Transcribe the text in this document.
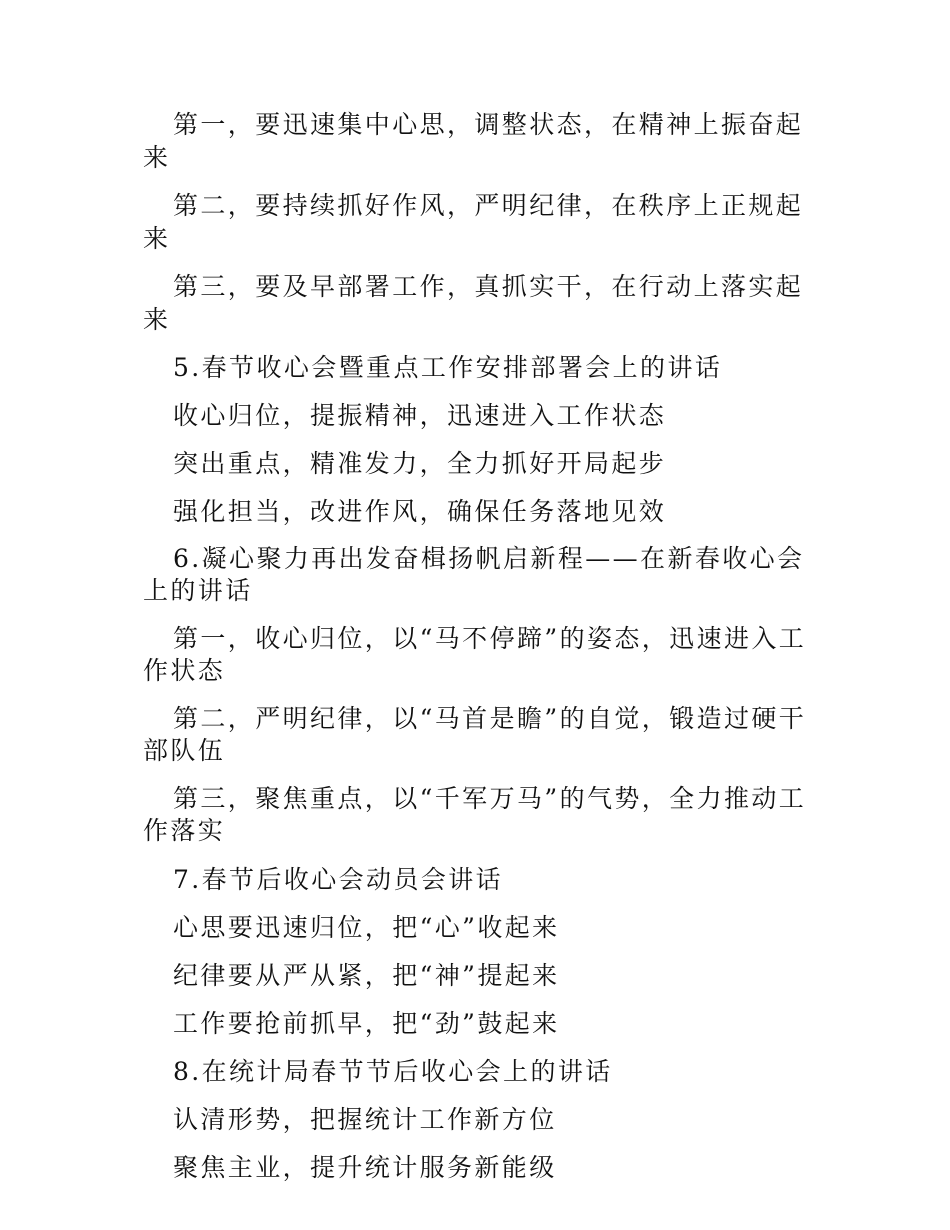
第一，要迅速集中心思，调整状态，在精神上振奋起来

第二，要持续抓好作风，严明纪律，在秩序上正规起来

第三，要及早部署工作，真抓实干，在行动上落实起来

5.春节收心会暨重点工作安排部署会上的讲话

收心归位，提振精神，迅速进入工作状态

突出重点，精准发力，全力抓好开局起步

强化担当，改进作风，确保任务落地见效

6.凝心聚力再出发奋楫扬帆启新程——在新春收心会上的讲话

第一，收心归位，以“马不停蹄”的姿态，迅速进入工作状态

第二，严明纪律，以“马首是瞻”的自觉，锻造过硬干部队伍

第三，聚焦重点，以“千军万马”的气势，全力推动工作落实

7.春节后收心会动员会讲话

心思要迅速归位，把“心”收起来

纪律要从严从紧，把“神”提起来

工作要抢前抓早，把“劲”鼓起来

8.在统计局春节节后收心会上的讲话

认清形势，把握统计工作新方位

聚焦主业，提升统计服务新能级
